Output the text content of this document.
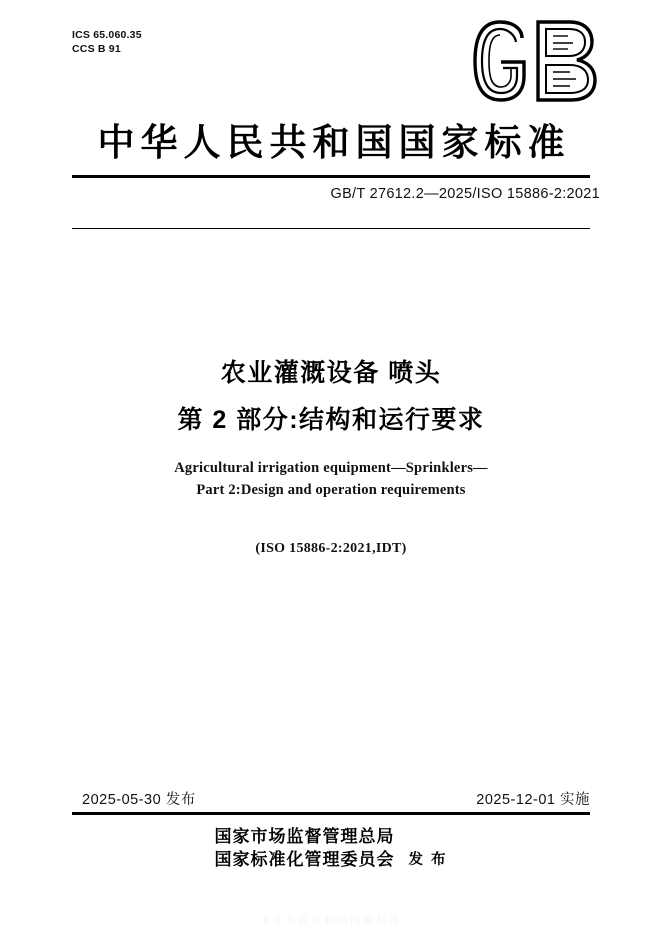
ICS 65.060.35
CCS B 91
中华人民共和国国家标准
GB/T 27612.2—2025/ISO 15886-2:2021
农业灌溉设备 喷头
第 2 部分:结构和运行要求
Agricultural irrigation equipment—Sprinklers—
Part 2:Design and operation requirements
(ISO 15886-2:2021,IDT)
2025-05-30 发布	2025-12-01 实施
国家市场监督管理总局
国家标准化管理委员会 发 布
中华人民共和国国家标准
